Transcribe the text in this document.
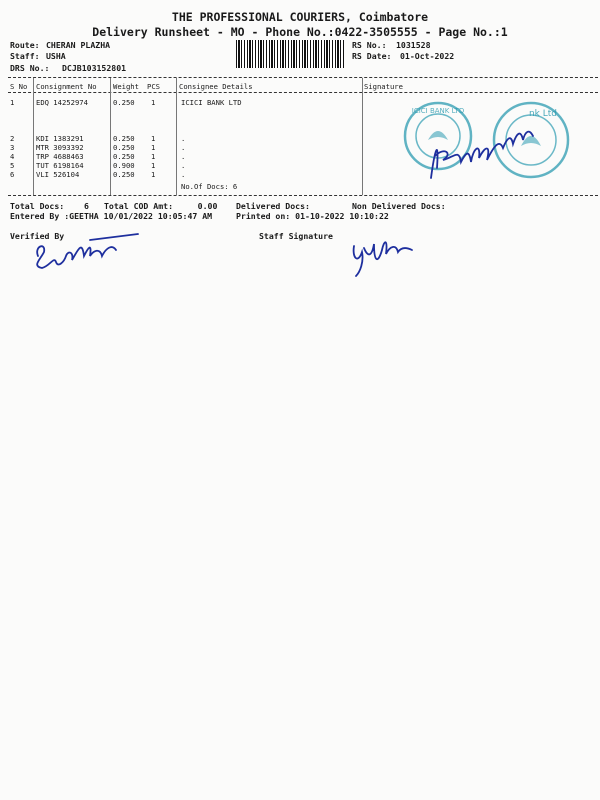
THE PROFESSIONAL COURIERS, Coimbatore
Delivery Runsheet - MO - Phone No.:0422-3505555 - Page No.:1
Route: CHERAN PLAZHA
Staff: USHA
DRS No.: DCJB103152801
RS No.: 1031528
RS Date: 01-Oct-2022
S No Consignment No Weight PCS	Consignee Details	Signature
1	EDQ 14252974	0.250 1	ICICI BANK LTD
2	KDI 1383291	0.250 1	.
3	MTR 3093392	0.250 1	.
4	TRP 4688463	0.250 1	.
5	TUT 6198164	0.900 1	.
6	VLI 526104	0.250 1	.
No.Of Docs: 6
Total Docs:    6 Total COD Amt:     0.00 Delivered Docs:	Non Delivered Docs:
Entered By :GEETHA 10/01/2022 10:05:47 AM	Printed on: 01-10-2022 10:10:22
Verified By	Staff Signature
ICICI BANK LTD	nk Ltd
